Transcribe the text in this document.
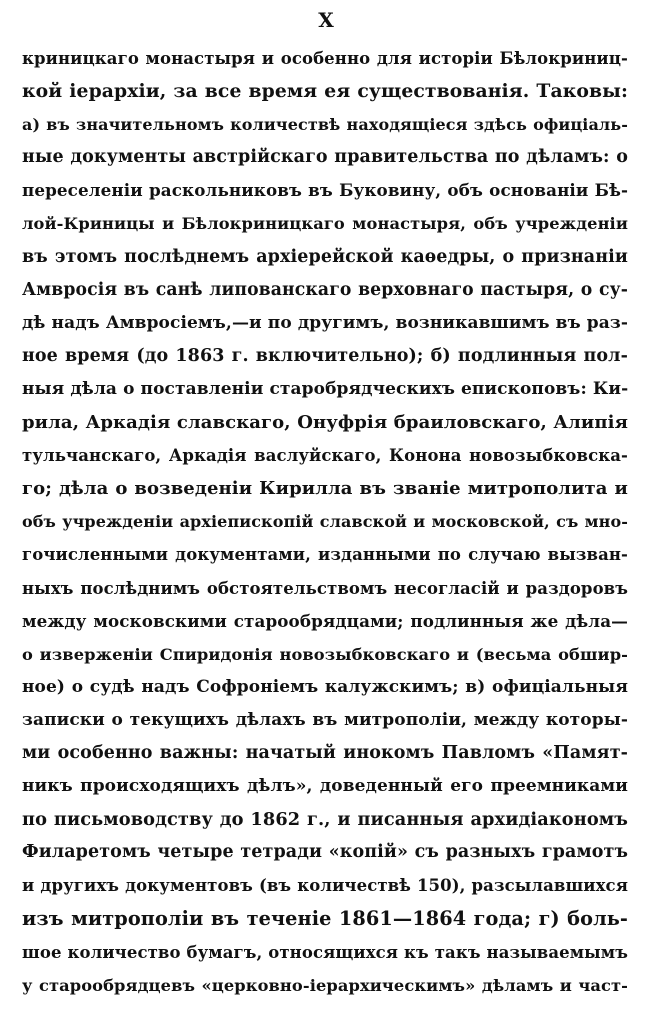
X
криницкаго монастыря и особенно для исторіи Бѣлокриниц-
кой іерархіи, за все время ея существованія. Таковы:
а) въ значительномъ количествѣ находящіеся здѣсь офиціаль-
ные документы австрійскаго правительства по дѣламъ: о
переселеніи раскольниковъ въ Буковину, объ основаніи Бѣ-
лой-Криницы и Бѣлокриницкаго монастыря, объ учрежденіи
въ этомъ послѣднемъ архіерейской каѳедры, о признаніи
Амвросія въ санѣ липованскаго верховнаго пастыря, о су-
дѣ надъ Амвросіемъ,—и по другимъ, возникавшимъ въ раз-
ное время (до 1863 г. включительно); б) подлинныя пол-
ныя дѣла о поставленіи старобрядческихъ епископовъ: Ки-
рила, Аркадія славскаго, Онуфрія браиловскаго, Алипія
тульчанскаго, Аркадія васлуйскаго, Конона новозыбковска-
го; дѣла о возведеніи Кирилла въ званіе митрополита и
объ учрежденіи архіепископій славской и московской, съ мно-
гочисленными документами, изданными по случаю вызван-
ныхъ послѣднимъ обстоятельствомъ несогласій и раздоровъ
между московскими старообрядцами; подлинныя же дѣла—
о изверженіи Спиридонія новозыбковскаго и (весьма обшир-
ное) о судѣ надъ Софроніемъ калужскимъ; в) офиціальныя
записки о текущихъ дѣлахъ въ митрополіи, между которы-
ми особенно важны: начатый инокомъ Павломъ «Памят-
никъ происходящихъ дѣлъ», доведенный его преемниками
по письмоводству до 1862 г., и писанныя архидіакономъ
Филаретомъ четыре тетради «копій» съ разныхъ грамотъ
и другихъ документовъ (въ количествѣ 150), разсылавшихся
изъ митрополіи въ теченіе 1861—1864 года; г) боль-
шое количество бумагъ, относящихся къ такъ называемымъ
у старообрядцевъ «церковно-іерархическимъ» дѣламъ и част-
